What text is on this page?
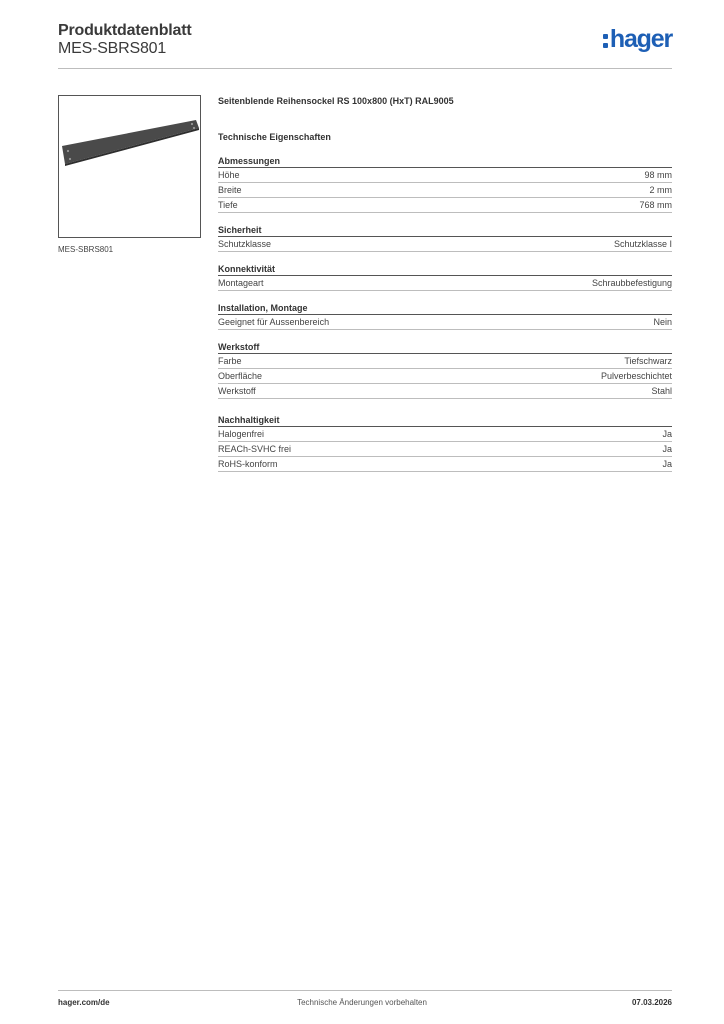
Produktdatenblatt
MES-SBRS801	hager
MES-SBRS801
Seitenblende Reihensockel RS 100x800 (HxT) RAL9005
Technische Eigenschaften
Abmessungen
Höhe	98 mm
Breite	2 mm
Tiefe	768 mm
Sicherheit
Schutzklasse	Schutzklasse I
Konnektivität
Montageart	Schraubbefestigung
Installation, Montage
Geeignet für Aussenbereich	Nein
Werkstoff
Farbe	Tiefschwarz
Oberfläche	Pulverbeschichtet
Werkstoff	Stahl
Nachhaltigkeit
Halogenfrei	Ja
REACh-SVHC frei	Ja
RoHS-konform	Ja
Technische Änderungen vorbehalten
hager.com/de	07.03.2026
